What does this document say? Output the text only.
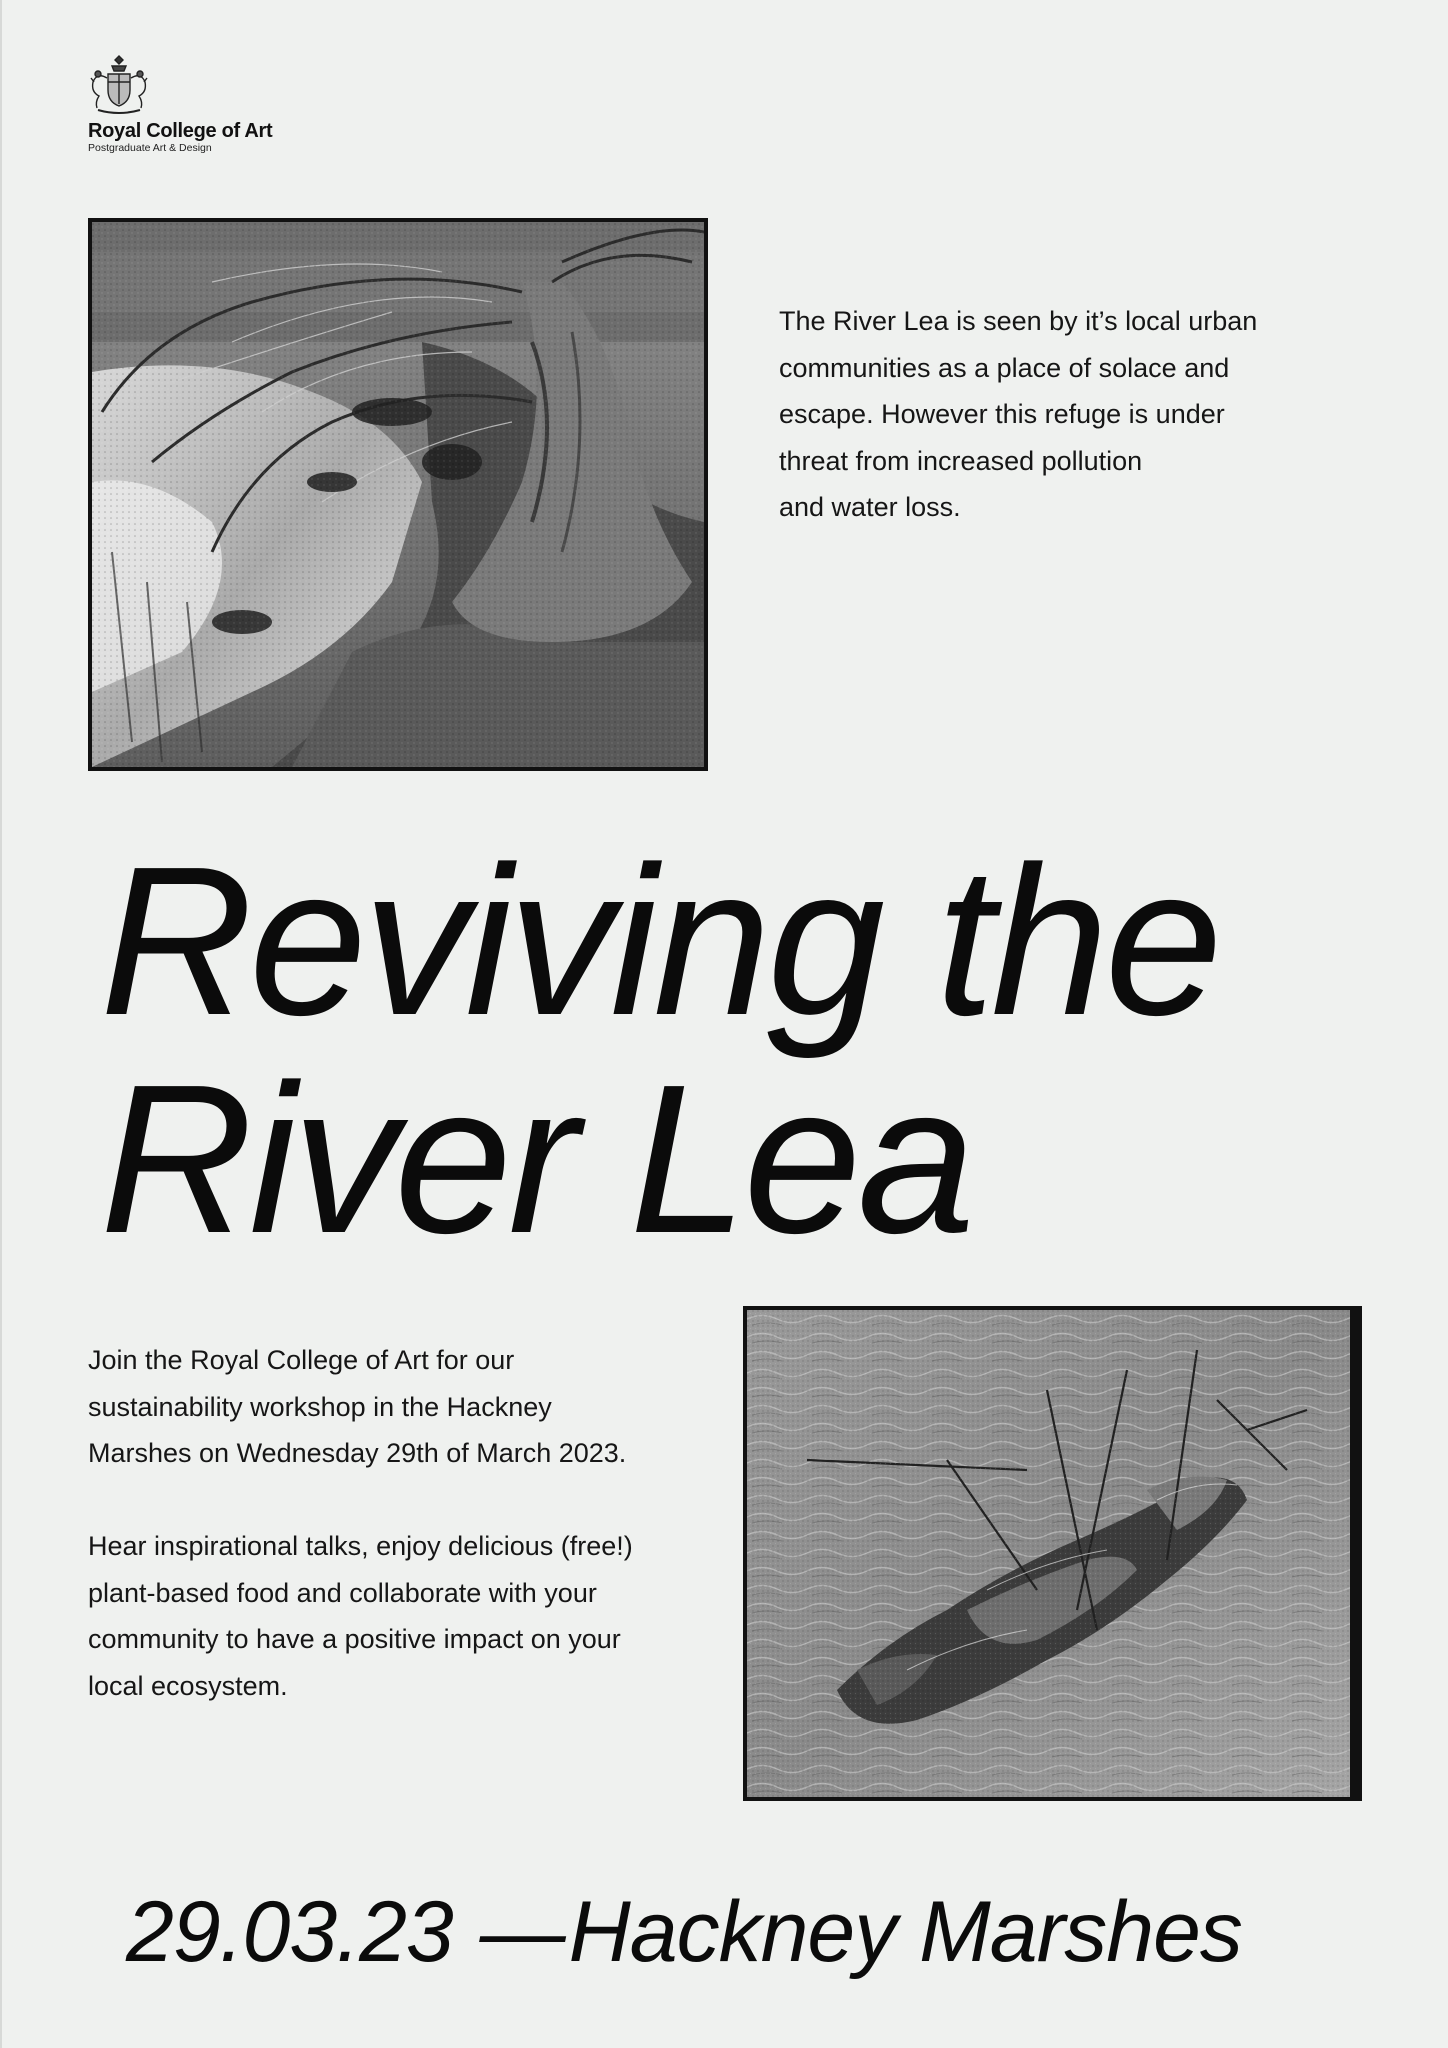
Royal College of Art
Postgraduate Art & Design
The River Lea is seen by it’s local urban
communities as a place of solace and
escape. However this refuge is under
threat from increased pollution
and water loss.
Reviving the
River Lea

Join the Royal College of Art for our
sustainability workshop in the Hackney
Marshes on Wednesday 29th of March 2023.

Hear inspirational talks, enjoy delicious (free!)
plant-based food and collaborate with your
community to have a positive impact on your
local ecosystem.

29.03.23 —Hackney Marshes
